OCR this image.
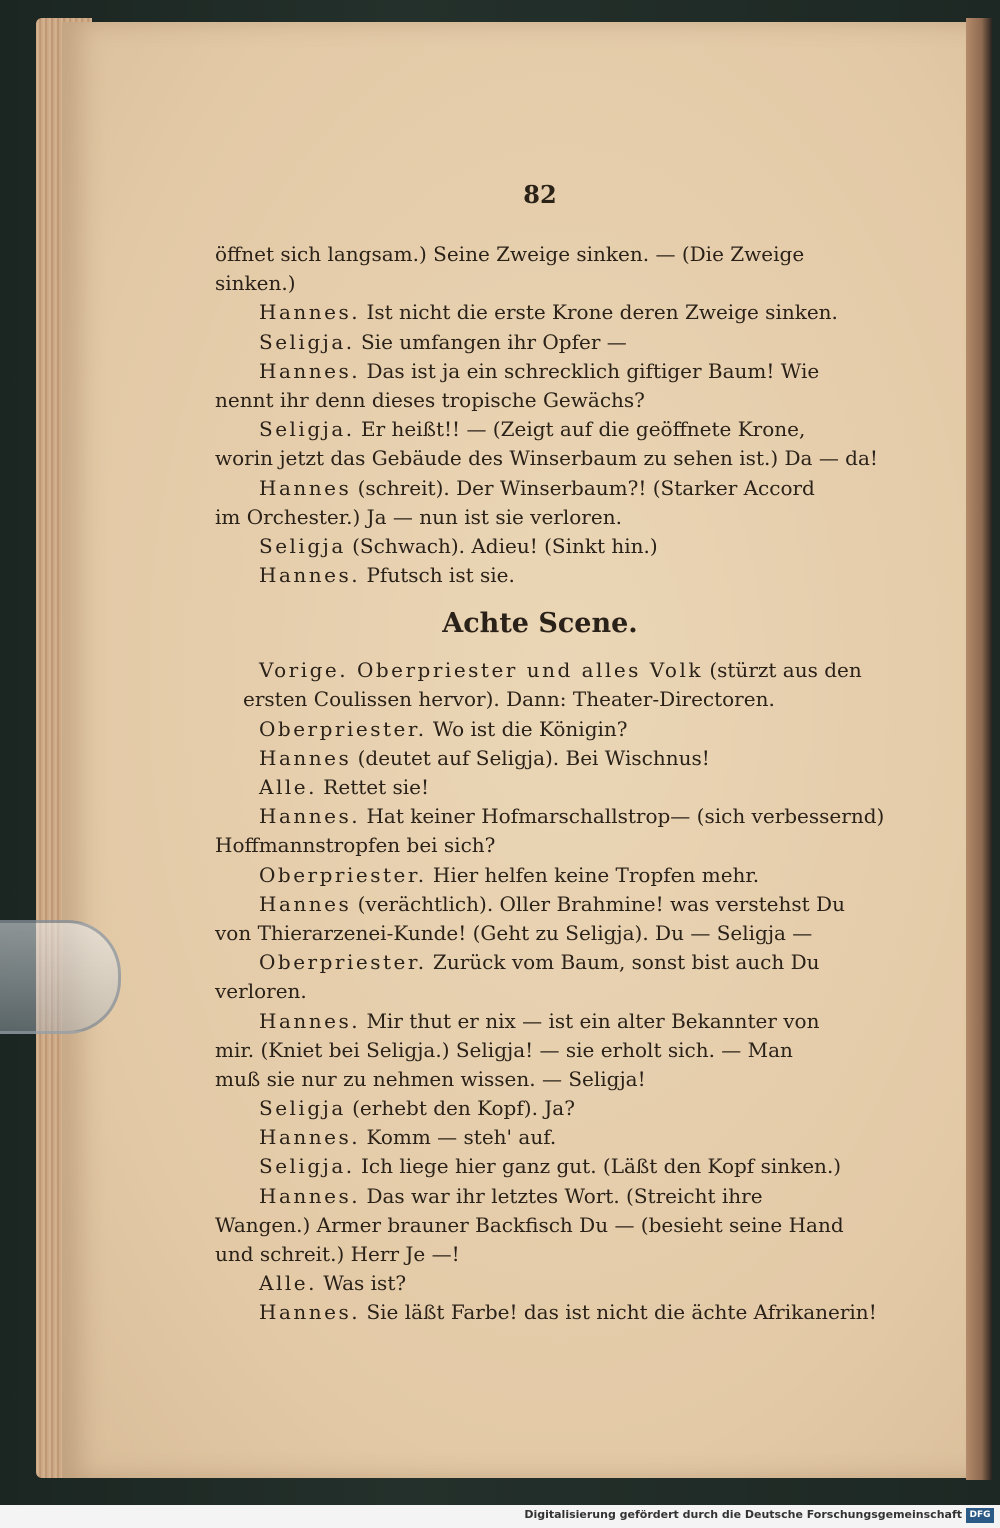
82
öffnet sich langsam.) Seine Zweige sinken. — (Die Zweige
sinken.)
Hannes. Ist nicht die erste Krone deren Zweige sinken.
Seligja. Sie umfangen ihr Opfer —
Hannes. Das ist ja ein schrecklich giftiger Baum! Wie
nennt ihr denn dieses tropische Gewächs?
Seligja. Er heißt!! — (Zeigt auf die geöffnete Krone,
worin jetzt das Gebäude des Winserbaum zu sehen ist.) Da — da!
Hannes (schreit). Der Winserbaum?! (Starker Accord
im Orchester.) Ja — nun ist sie verloren.
Seligja (Schwach). Adieu! (Sinkt hin.)
Hannes. Pfutsch ist sie.
Achte Scene.
Vorige. Oberpriester und alles Volk (stürzt aus den
ersten Coulissen hervor). Dann: Theater-Directoren.
Oberpriester. Wo ist die Königin?
Hannes (deutet auf Seligja). Bei Wischnus!
Alle. Rettet sie!
Hannes. Hat keiner Hofmarschallstrop— (sich verbessernd)
Hoffmannstropfen bei sich?
Oberpriester. Hier helfen keine Tropfen mehr.
Hannes (verächtlich). Oller Brahmine! was verstehst Du
von Thierarzenei-Kunde! (Geht zu Seligja). Du — Seligja —
Oberpriester. Zurück vom Baum, sonst bist auch Du
verloren.
Hannes. Mir thut er nix — ist ein alter Bekannter von
mir. (Kniet bei Seligja.) Seligja! — sie erholt sich. — Man
muß sie nur zu nehmen wissen. — Seligja!
Seligja (erhebt den Kopf). Ja?
Hannes. Komm — steh' auf.
Seligja. Ich liege hier ganz gut. (Läßt den Kopf sinken.)
Hannes. Das war ihr letztes Wort. (Streicht ihre
Wangen.) Armer brauner Backfisch Du — (besieht seine Hand
und schreit.) Herr Je —!
Alle. Was ist?
Hannes. Sie läßt Farbe! das ist nicht die ächte Afrikanerin!
Digitalisierung gefördert durch die Deutsche Forschungsgemeinschaft DFG
